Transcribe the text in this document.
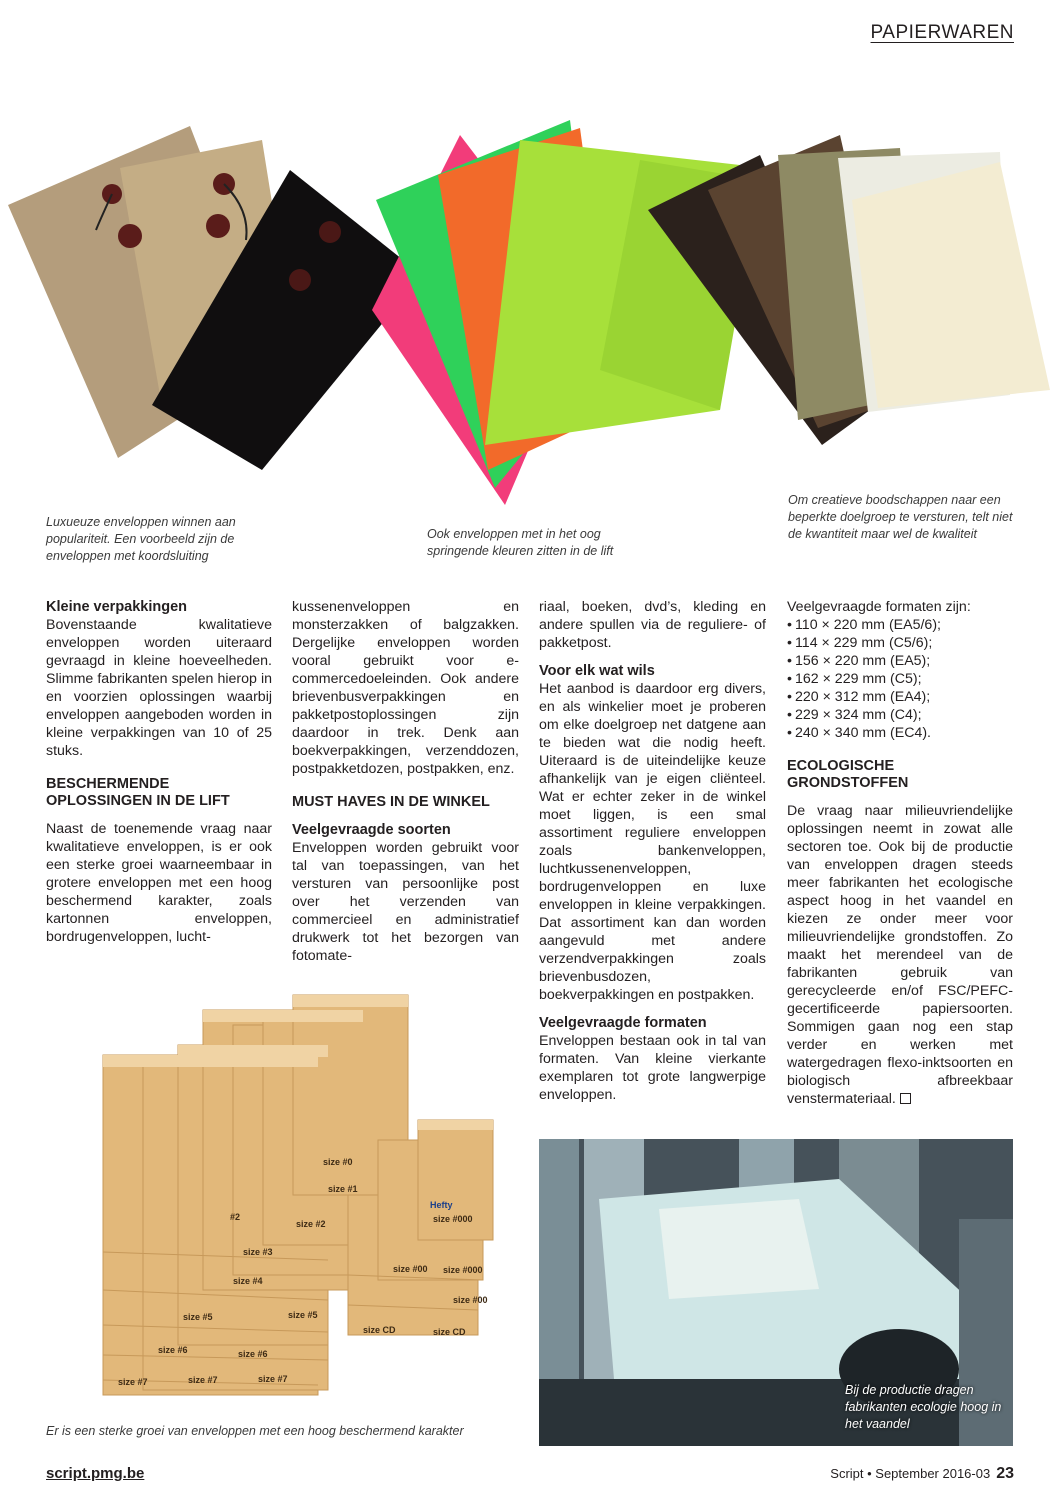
PAPIERWAREN
Luxueuze enveloppen winnen aan populariteit. Een voorbeeld zijn de enveloppen met koordsluiting
Ook enveloppen met in het oog springende kleuren zitten in de lift
Om creatieve boodschappen naar een beperkte doelgroep te versturen, telt niet de kwantiteit maar wel de kwaliteit
Kleine verpakkingen

Bovenstaande kwalitatieve enveloppen worden uiteraard gevraagd in kleine hoeveelheden. Slimme fabrikanten spelen hierop in en voorzien oplossingen waarbij enveloppen aangeboden worden in kleine verpakkingen van 10 of 25 stuks.

BESCHERMENDE OPLOSSINGEN IN DE LIFT

Naast de toenemende vraag naar kwalitatieve enveloppen, is er ook een sterke groei waarneembaar in grotere enveloppen met een hoog beschermend karakter, zoals kartonnen enveloppen, bordrugenveloppen, lucht-

kussenenveloppen en monsterzakken of balgzakken. Dergelijke enveloppen worden vooral gebruikt voor e-commercedoeleinden. Ook andere brievenbusverpakkingen en pakketpostoplossingen zijn daardoor in trek. Denk aan boekverpakkingen, verzenddozen, postpakketdozen, postpakken, enz.

MUST HAVES IN DE WINKEL
Veelgevraagde soorten

Enveloppen worden gebruikt voor tal van toepassingen, van het versturen van persoonlijke post over het verzenden van commercieel en administratief drukwerk tot het bezorgen van fotomate-

riaal, boeken, dvd’s, kleding en andere spullen via de reguliere- of pakketpost.

Voor elk wat wils

Het aanbod is daardoor erg divers, en als winkelier moet je proberen om elke doelgroep net datgene aan te bieden wat die nodig heeft. Uiteraard is de uiteindelijke keuze afhankelijk van je eigen cliënteel. Wat er echter zeker in de winkel moet liggen, is een smal assortiment reguliere enveloppen zoals bankenveloppen, luchtkussenenveloppen, bordrugenveloppen en luxe enveloppen in kleine verpakkingen. Dat assortiment kan dan worden aangevuld met andere verzendverpakkingen zoals brievenbusdozen, boekverpakkingen en postpakken.

Veelgevraagde formaten

Enveloppen bestaan ook in tal van formaten. Van kleine vierkante exemplaren tot grote langwerpige enveloppen.

Veelgevraagde formaten zijn:

• 110 × 220 mm (EA5/6);
• 114 × 229 mm (C5/6);
• 156 × 220 mm (EA5);
• 162 × 229 mm (C5);
• 220 × 312 mm (EA4);
• 229 × 324 mm (C4);
• 240 × 340 mm (EC4).
ECOLOGISCHE GRONDSTOFFEN

De vraag naar milieuvriendelijke oplossingen neemt in zowat alle sectoren toe. Ook bij de productie van enveloppen dragen steeds meer fabrikanten het ecologische aspect hoog in het vaandel en kiezen ze onder meer voor milieuvriendelijke grondstoffen. Zo maakt het merendeel van de fabrikanten gebruik van gerecycleerde en/of FSC/PEFC-gecertificeerde papiersoorten. Sommigen gaan nog een stap verder en werken met watergedragen flexo-inktsoorten en biologisch afbreekbaar venstermateriaal.

size #0
size #1
#2
size #2
size #3
size #4
size #5	size #5
size #6	size #6
size #7	size #7	size #7
size #000
size #000
size #00
size #00
size CD	size CD
Hefty
Er is een sterke groei van enveloppen met een hoog beschermend karakter
Bij de productie dragen fabrikanten ecologie hoog in het vaandel
script.pmg.be	Script • September 2016-03 23
